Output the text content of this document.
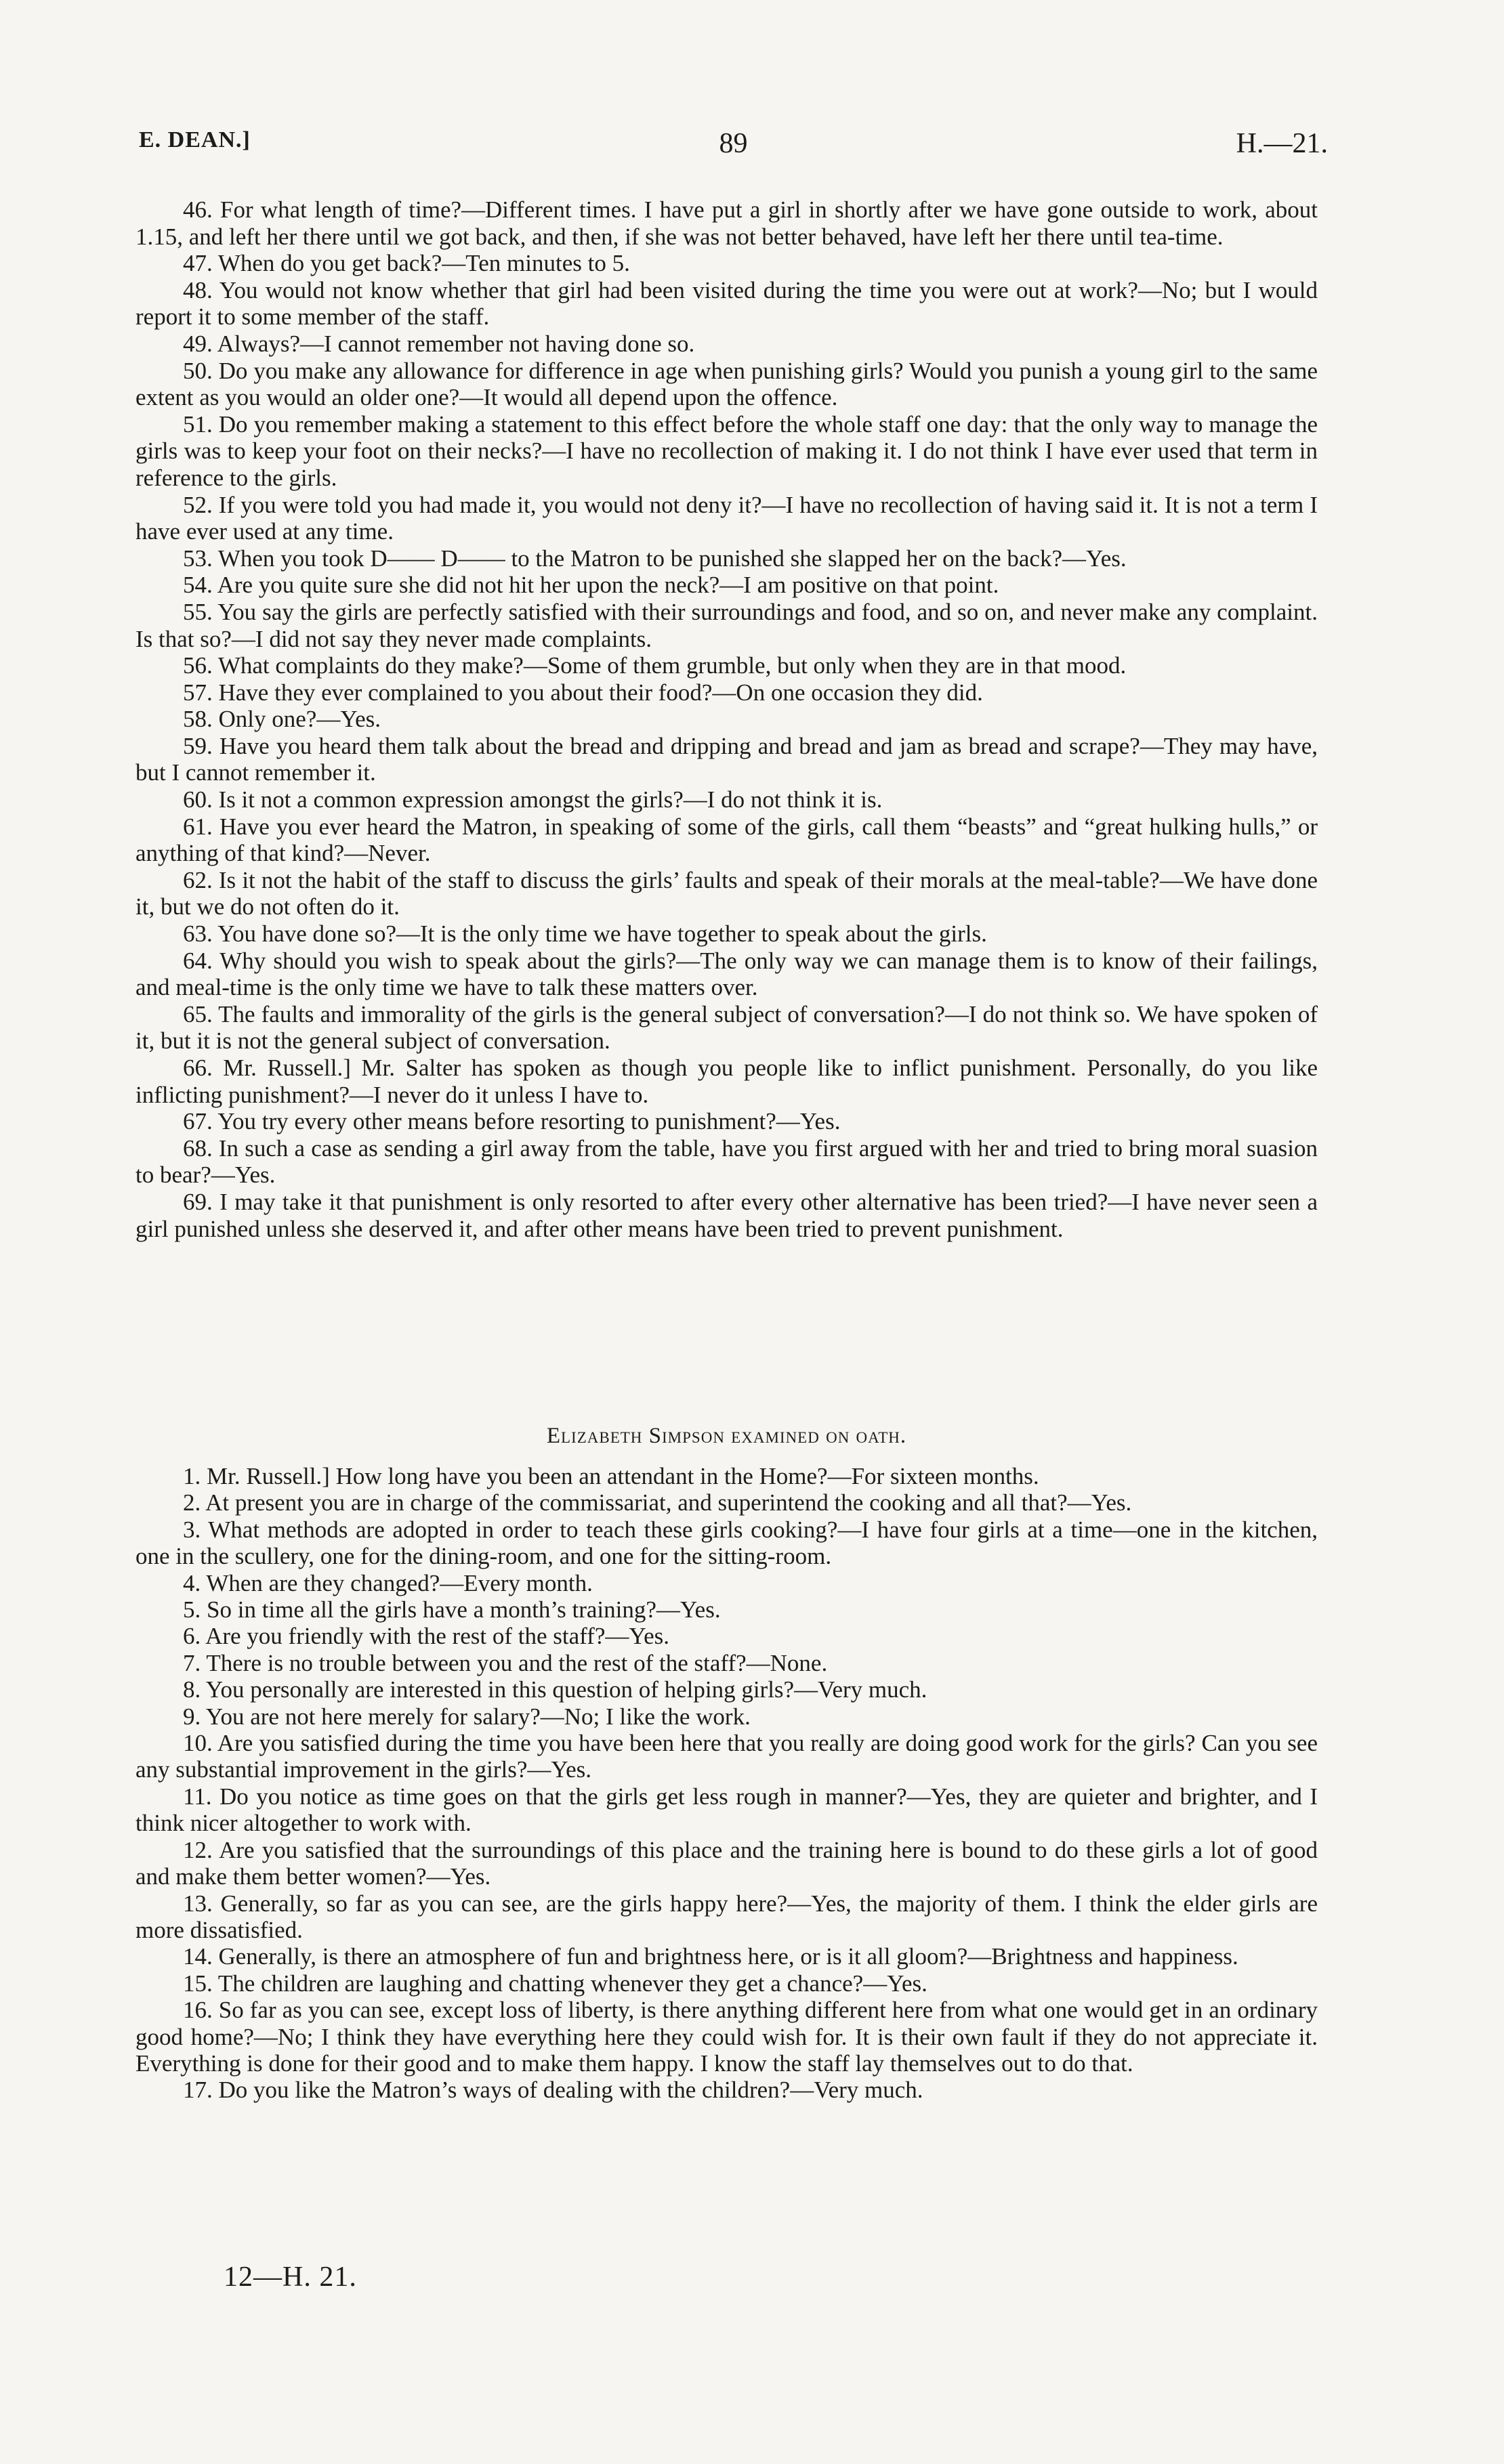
E. DEAN.]	89	H.—21.

46. For what length of time?—Different times. I have put a girl in shortly after we have gone outside to work, about 1.15, and left her there until we got back, and then, if she was not better behaved, have left her there until tea-time.

47. When do you get back?—Ten minutes to 5.

48. You would not know whether that girl had been visited during the time you were out at work?—No; but I would report it to some member of the staff.

49. Always?—I cannot remember not having done so.

50. Do you make any allowance for difference in age when punishing girls? Would you punish a young girl to the same extent as you would an older one?—It would all depend upon the offence.

51. Do you remember making a statement to this effect before the whole staff one day: that the only way to manage the girls was to keep your foot on their necks?—I have no recollection of making it. I do not think I have ever used that term in reference to the girls.

52. If you were told you had made it, you would not deny it?—I have no recollection of having said it. It is not a term I have ever used at any time.

53. When you took D—— D—— to the Matron to be punished she slapped her on the back?—Yes.

54. Are you quite sure she did not hit her upon the neck?—I am positive on that point.

55. You say the girls are perfectly satisfied with their surroundings and food, and so on, and never make any complaint. Is that so?—I did not say they never made complaints.

56. What complaints do they make?—Some of them grumble, but only when they are in that mood.

57. Have they ever complained to you about their food?—On one occasion they did.

58. Only one?—Yes.

59. Have you heard them talk about the bread and dripping and bread and jam as bread and scrape?—They may have, but I cannot remember it.

60. Is it not a common expression amongst the girls?—I do not think it is.

61. Have you ever heard the Matron, in speaking of some of the girls, call them “beasts” and “great hulking hulls,” or anything of that kind?—Never.

62. Is it not the habit of the staff to discuss the girls’ faults and speak of their morals at the meal-table?—We have done it, but we do not often do it.

63. You have done so?—It is the only time we have together to speak about the girls.

64. Why should you wish to speak about the girls?—The only way we can manage them is to know of their failings, and meal-time is the only time we have to talk these matters over.

65. The faults and immorality of the girls is the general subject of conversation?—I do not think so. We have spoken of it, but it is not the general subject of conversation.

66. Mr. Russell.] Mr. Salter has spoken as though you people like to inflict punishment. Personally, do you like inflicting punishment?—I never do it unless I have to.

67. You try every other means before resorting to punishment?—Yes.

68. In such a case as sending a girl away from the table, have you first argued with her and tried to bring moral suasion to bear?—Yes.

69. I may take it that punishment is only resorted to after every other alternative has been tried?—I have never seen a girl punished unless she deserved it, and after other means have been tried to prevent punishment.

Elizabeth Simpson examined on oath.

1. Mr. Russell.] How long have you been an attendant in the Home?—For sixteen months.

2. At present you are in charge of the commissariat, and superintend the cooking and all that?—Yes.

3. What methods are adopted in order to teach these girls cooking?—I have four girls at a time—one in the kitchen, one in the scullery, one for the dining-room, and one for the sitting-room.

4. When are they changed?—Every month.

5. So in time all the girls have a month’s training?—Yes.

6. Are you friendly with the rest of the staff?—Yes.

7. There is no trouble between you and the rest of the staff?—None.

8. You personally are interested in this question of helping girls?—Very much.

9. You are not here merely for salary?—No; I like the work.

10. Are you satisfied during the time you have been here that you really are doing good work for the girls? Can you see any substantial improvement in the girls?—Yes.

11. Do you notice as time goes on that the girls get less rough in manner?—Yes, they are quieter and brighter, and I think nicer altogether to work with.

12. Are you satisfied that the surroundings of this place and the training here is bound to do these girls a lot of good and make them better women?—Yes.

13. Generally, so far as you can see, are the girls happy here?—Yes, the majority of them. I think the elder girls are more dissatisfied.

14. Generally, is there an atmosphere of fun and brightness here, or is it all gloom?—Brightness and happiness.

15. The children are laughing and chatting whenever they get a chance?—Yes.

16. So far as you can see, except loss of liberty, is there anything different here from what one would get in an ordinary good home?—No; I think they have everything here they could wish for. It is their own fault if they do not appreciate it. Everything is done for their good and to make them happy. I know the staff lay themselves out to do that.

17. Do you like the Matron’s ways of dealing with the children?—Very much.

12—H. 21.
